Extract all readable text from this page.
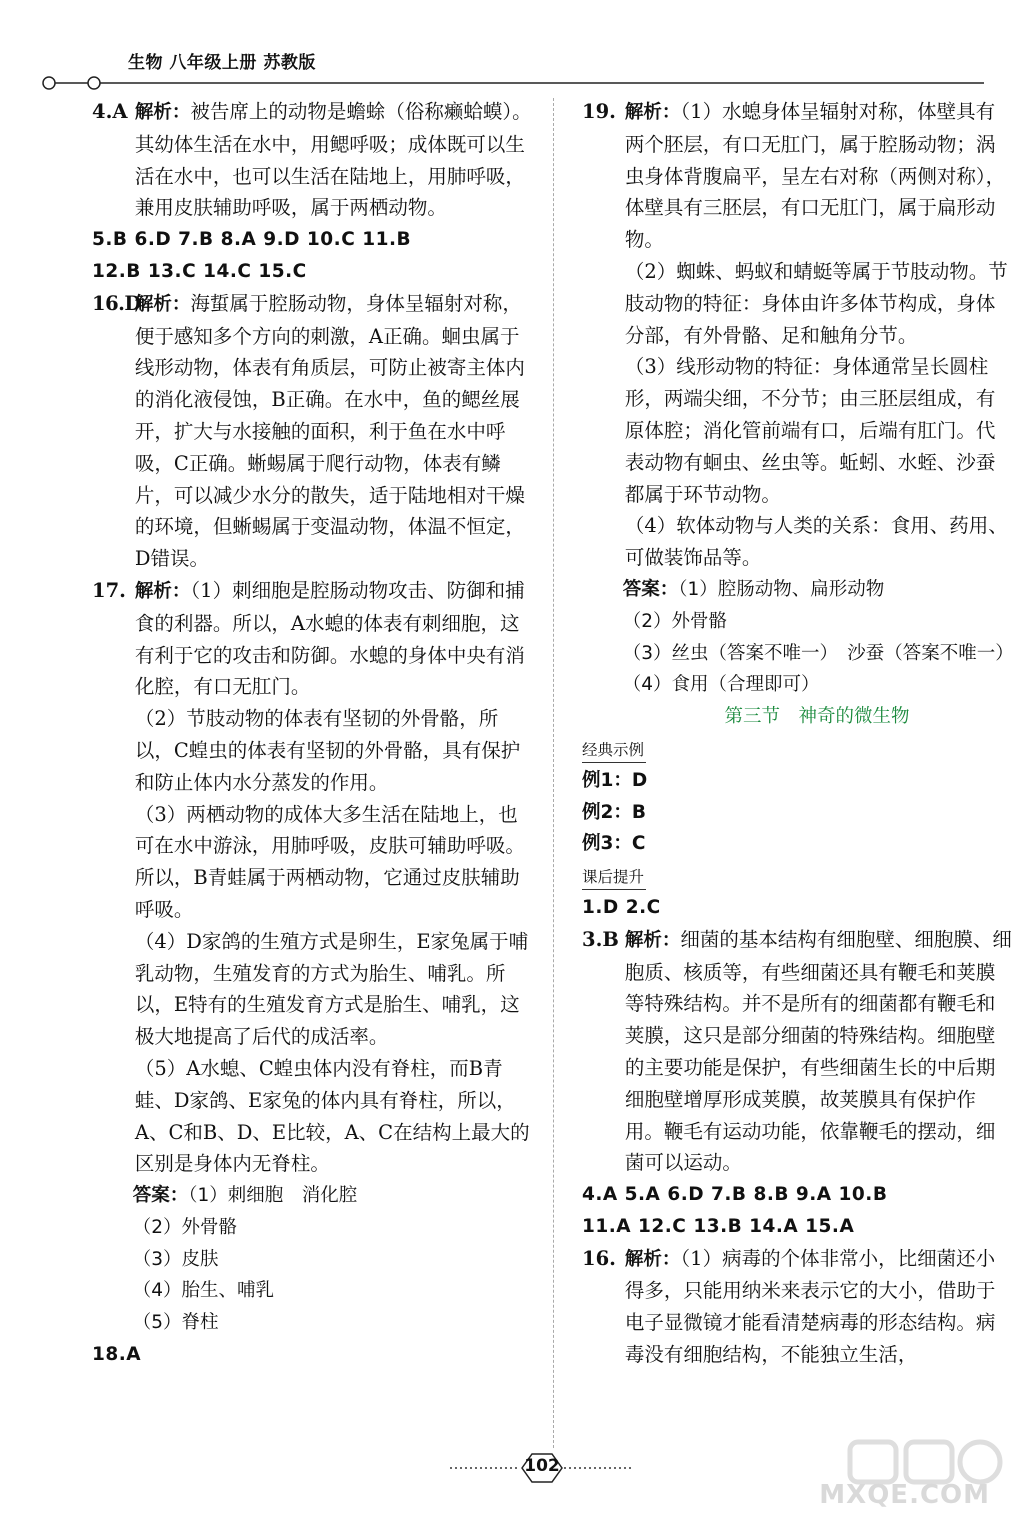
生物 八年级上册 苏教版
4.A 解析：被告席上的动物是蟾蜍（俗称癞蛤蟆）。其幼体生活在水中，用鳃呼吸；成体既可以生活在水中，也可以生活在陆地上，用肺呼吸，兼用皮肤辅助呼吸，属于两栖动物。
5.B 6.D 7.B 8.A 9.D 10.C 11.B
12.B 13.C 14.C 15.C
16.D
解析：海蜇属于腔肠动物，身体呈辐射对称，便于感知多个方向的刺激，A正确。蛔虫属于线形动物，体表有角质层，可防止被寄主体内的消化液侵蚀，B正确。在水中，鱼的鳃丝展开，扩大与水接触的面积，利于鱼在水中呼吸，C正确。蜥蜴属于爬行动物，体表有鳞片，可以减少水分的散失，适于陆地相对干燥的环境，但蜥蜴属于变温动物，体温不恒定，D错误。
17. 解析：（1）刺细胞是腔肠动物攻击、防御和捕食的利器。所以，A水螅的体表有刺细胞，这有利于它的攻击和防御。水螅的身体中央有消化腔，有口无肛门。
（2）节肢动物的体表有坚韧的外骨骼，所以，C蝗虫的体表有坚韧的外骨骼，具有保护和防止体内水分蒸发的作用。
（3）两栖动物的成体大多生活在陆地上，也可在水中游泳，用肺呼吸，皮肤可辅助呼吸。所以，B青蛙属于两栖动物，它通过皮肤辅助呼吸。
（4）D家鸽的生殖方式是卵生，E家兔属于哺乳动物，生殖发育的方式为胎生、哺乳。所以，E特有的生殖发育方式是胎生、哺乳，这极大地提高了后代的成活率。
（5）A水螅、C蝗虫体内没有脊柱，而B青蛙、D家鸽、E家兔的体内具有脊柱，所以，A、C和B、D、E比较，A、C在结构上最大的区别是身体内无脊柱。
答案：（1）刺细胞　消化腔
（2）外骨骼
（3）皮肤
（4）胎生、哺乳
（5）脊柱
18.A
19. 解析：（1）水螅身体呈辐射对称，体壁具有两个胚层，有口无肛门，属于腔肠动物；涡虫身体背腹扁平，呈左右对称（两侧对称），体壁具有三胚层，有口无肛门，属于扁形动物。
（2）蜘蛛、蚂蚁和蜻蜓等属于节肢动物。节肢动物的特征：身体由许多体节构成，身体分部，有外骨骼、足和触角分节。
（3）线形动物的特征：身体通常呈长圆柱形，两端尖细，不分节；由三胚层组成，有原体腔；消化管前端有口，后端有肛门。代表动物有蛔虫、丝虫等。蚯蚓、水蛭、沙蚕都属于环节动物。
（4）软体动物与人类的关系：食用、药用、可做装饰品等。
答案：（1）腔肠动物、扁形动物
（2）外骨骼
（3）丝虫（答案不唯一）　沙蚕（答案不唯一）
（4）食用（合理即可）
第三节　神奇的微生物
经典示例
例1：D
例2：B
例3：C
课后提升
1.D 2.C
3.B 解析：细菌的基本结构有细胞壁、细胞膜、细胞质、核质等，有些细菌还具有鞭毛和荚膜等特殊结构。并不是所有的细菌都有鞭毛和荚膜，这只是部分细菌的特殊结构。细胞壁的主要功能是保护，有些细菌生长的中后期细胞壁增厚形成荚膜，故荚膜具有保护作用。鞭毛有运动功能，依靠鞭毛的摆动，细菌可以运动。
4.A 5.A 6.D 7.B 8.B 9.A 10.B
11.A 12.C 13.B 14.A 15.A
16. 解析：（1）病毒的个体非常小，比细菌还小得多，只能用纳米来表示它的大小，借助于电子显微镜才能看清楚病毒的形态结构。病毒没有细胞结构，不能独立生活，
102
MXQE.COM
